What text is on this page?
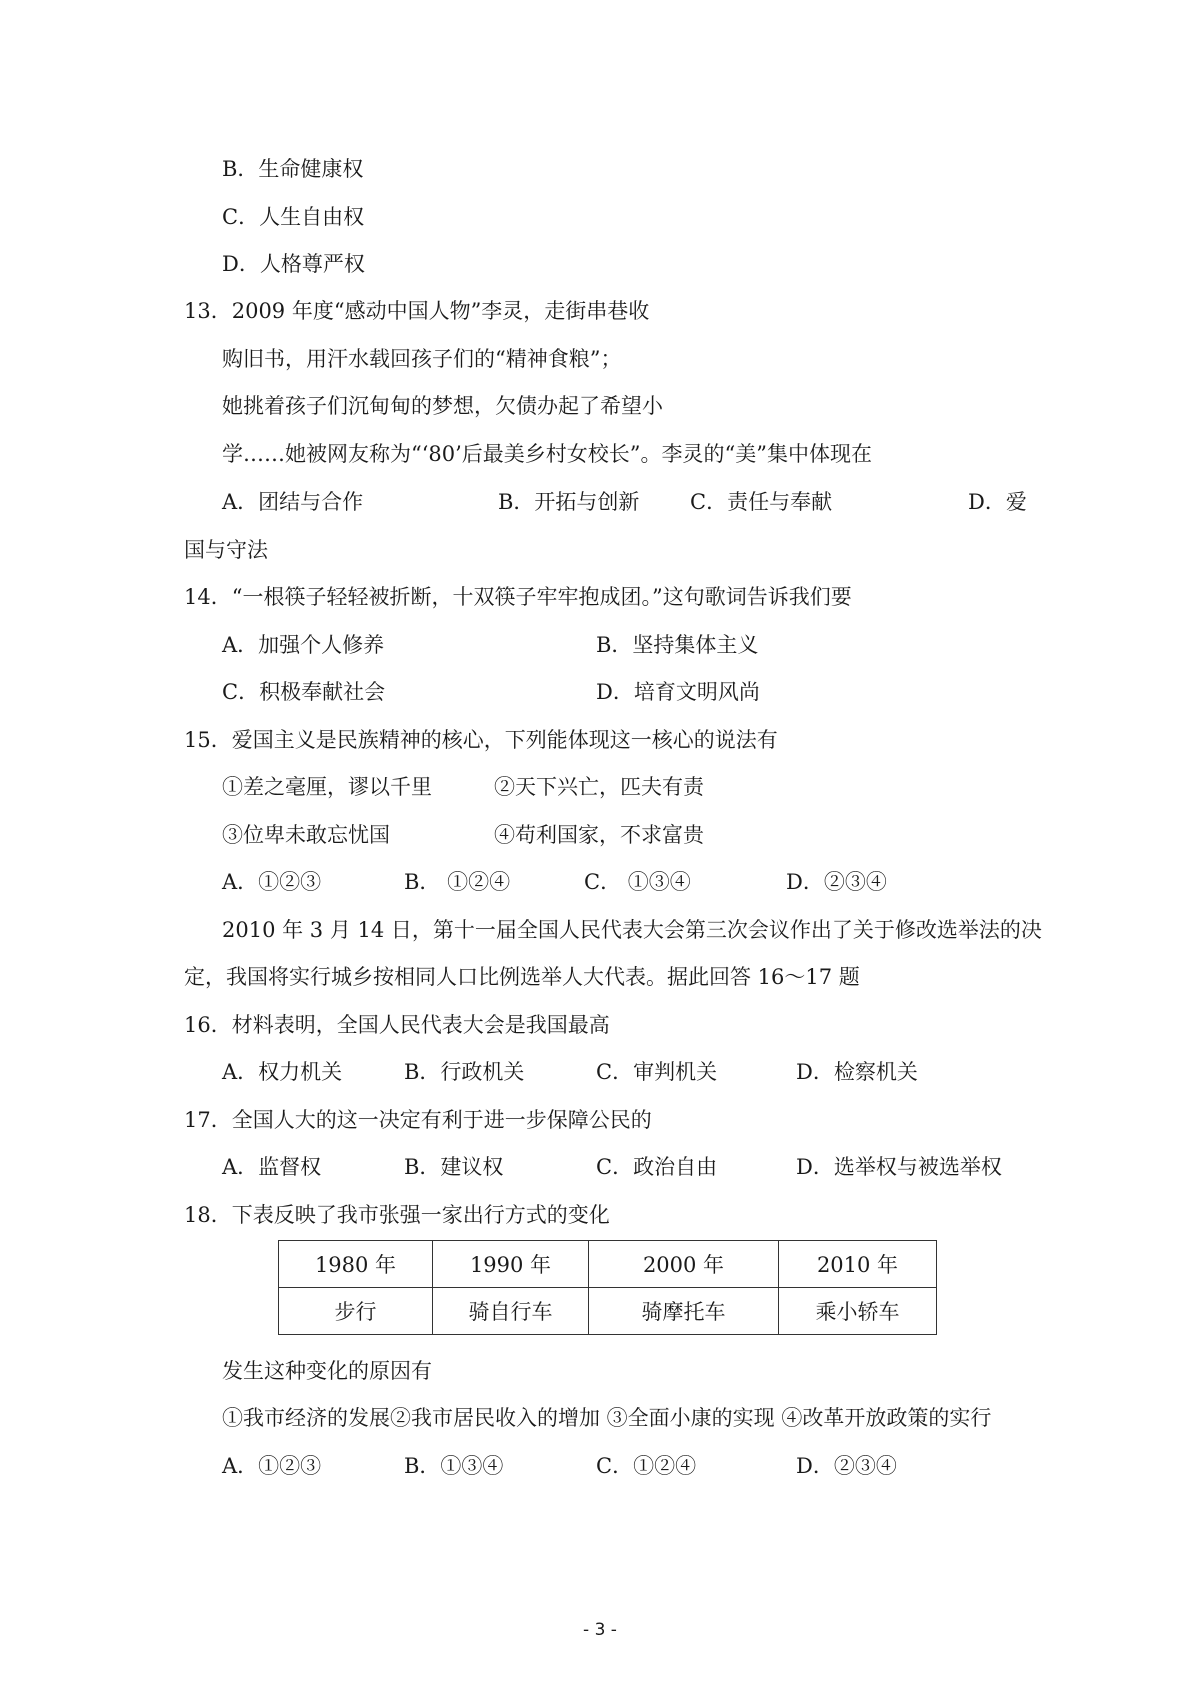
B．生命健康权
C．人生自由权
D．人格尊严权
13．2009 年度“感动中国人物”李灵，走街串巷收
购旧书，用汗水载回孩子们的“精神食粮”；
她挑着孩子们沉甸甸的梦想，欠债办起了希望小
学……她被网友称为“‘80’后最美乡村女校长”。李灵的“美”集中体现在
A．团结与合作	B．开拓与创新 C．责任与奉献	D．爱
国与守法
14．“一根筷子轻轻被折断，十双筷子牢牢抱成团。”这句歌词告诉我们要
A．加强个人修养	B．坚持集体主义
C．积极奉献社会	D．培育文明风尚
15．爱国主义是民族精神的核心，下列能体现这一核心的说法有
①差之毫厘，谬以千里	②天下兴亡，匹夫有责
③位卑未敢忘忧国	④苟利国家，不求富贵
A．①②③	B． ①②④	C． ①③④	D．②③④
2010 年 3 月 14 日，第十一届全国人民代表大会第三次会议作出了关于修改选举法的决
定，我国将实行城乡按相同人口比例选举人大代表。据此回答 16～17 题
16．材料表明，全国人民代表大会是我国最高
A．权力机关	B．行政机关	C．审判机关	D．检察机关
17．全国人大的这一决定有利于进一步保障公民的
A．监督权	B．建议权	C．政治自由	D．选举权与被选举权
18．下表反映了我市张强一家出行方式的变化
1980 年	1990 年	2000 年	2010 年
步行	骑自行车	骑摩托车	乘小轿车
发生这种变化的原因有
①我市经济的发展②我市居民收入的增加 ③全面小康的实现 ④改革开放政策的实行
A．①②③	B．①③④	C．①②④	D．②③④
- 3 -
